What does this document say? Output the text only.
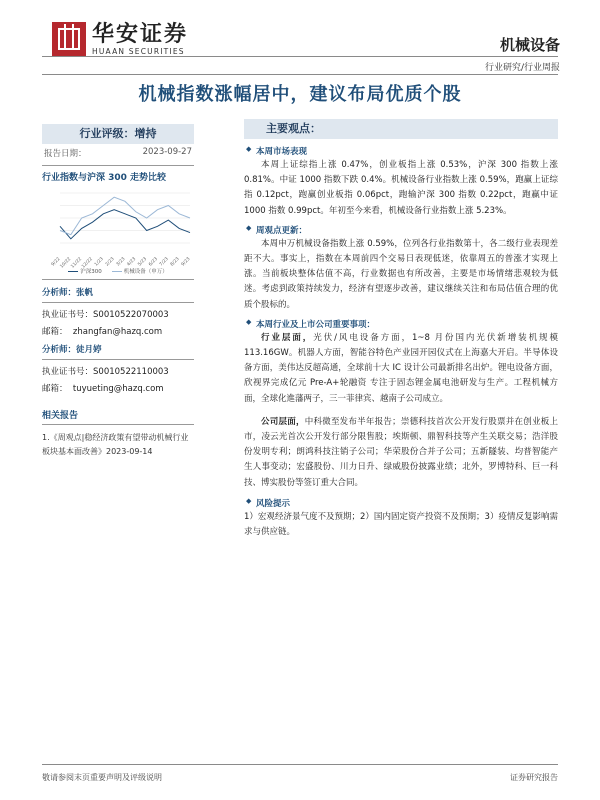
华安证券
HUAAN SECURITIES	机械设备
行业研究/行业周报
机械指数涨幅居中，建议布局优质个股
行业评级：增持
报告日期：	2023-09-27
行业指数与沪深 300 走势比较
9/22
10/22
11/22
12/22 1/23 2/23 3/23 4/23 5/23 6/23 7/23 8/23 9/23
沪深300	机械设备（申万）
分析师：张帆
执业证书号：S0010522070003
邮箱： zhangfan@hazq.com
分析师：徒月婷
执业证书号：S0010522110003
邮箱： tuyueting@hazq.com
相关报告
1.《周观点|稳经济政策有望带动机械行业板块基本面改善》2023-09-14
主要观点：
◆ 本周市场表现
本周上证综指上涨 0.47%，创业板指上涨 0.53%，沪深 300 指数上涨 0.81%。中证 1000 指数下跌 0.4%。机械设备行业指数上涨 0.59%，跑赢上证综指 0.12pct，跑赢创业板指 0.06pct，跑输沪深 300 指数 0.22pct，跑赢中证 1000 指数 0.99pct。年初至今来看，机械设备行业指数上涨 5.23%。
◆ 周观点更新：
本周申万机械设备指数上涨 0.59%，位列各行业指数第十，各二级行业表现差距不大。事实上，指数在本周前四个交易日表现低迷，依靠周五的普涨才实现上涨。当前板块整体估值不高，行业数据也有所改善，主要是市场情绪悲观较为低迷。考虑到政策持续发力，经济有望逐步改善，建议继续关注和布局估值合理的优质个股标的。
◆ 本周行业及上市公司重要事项：
行业层面，光伏/风电设备方面，1~8 月份国内光伏新增装机规模 113.16GW。机器人方面，智能谷特色产业园开园仪式在上海嘉大开启。半导体设备方面，美伟达反超高通，全球前十大 IC 设计公司最新排名出炉。锂电设备方面，欣视界完成亿元 Pre-A+轮融资 专注于固态锂金属电池研发与生产。工程机械方面，全球化進藩两子，三一菲律宾、越南子公司成立。
公司层面，中科微至发布半年报告；崇德科技首次公开发行股票并在创业板上市，凌云光首次公开发行部分限售股；埃斯顿、鼎智科技等产生关联交易；浩洋股份发明专利；朗鸿科技注销子公司；华荣股份合并子公司；五新隧装、均普智能产生人事变动；宏盛股份、川力日升、绿威股份披露业绩；北外，罗博特科、巨一科技、博实股份等签订重大合同。
◆ 风险提示
1）宏观经济景气度不及预期；2）国内固定资产投资不及预期；3）疫情反复影响需求与供应链。
敬请参阅末页重要声明及评级说明	证券研究报告
